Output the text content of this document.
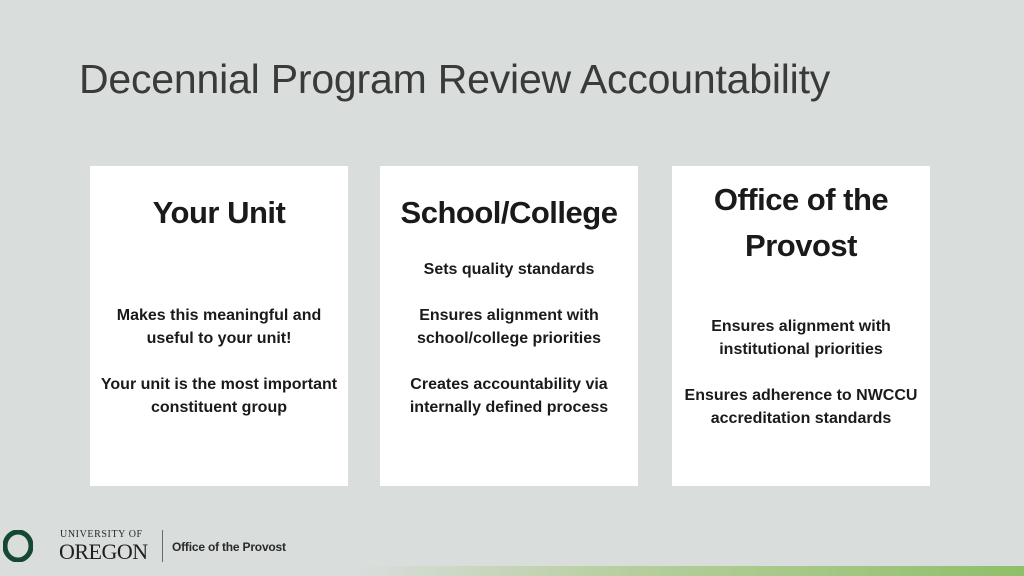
Decennial Program Review Accountability
Your Unit

Makes this meaningful and useful to your unit!

Your unit is the most important constituent group

School/College

Sets quality standards

Ensures alignment with school/college priorities

Creates accountability via internally defined process

Office of the Provost

Ensures alignment with institutional priorities

Ensures adherence to NWCCU accreditation standards

UNIVERSITY OF
OREGON Office of the Provost
